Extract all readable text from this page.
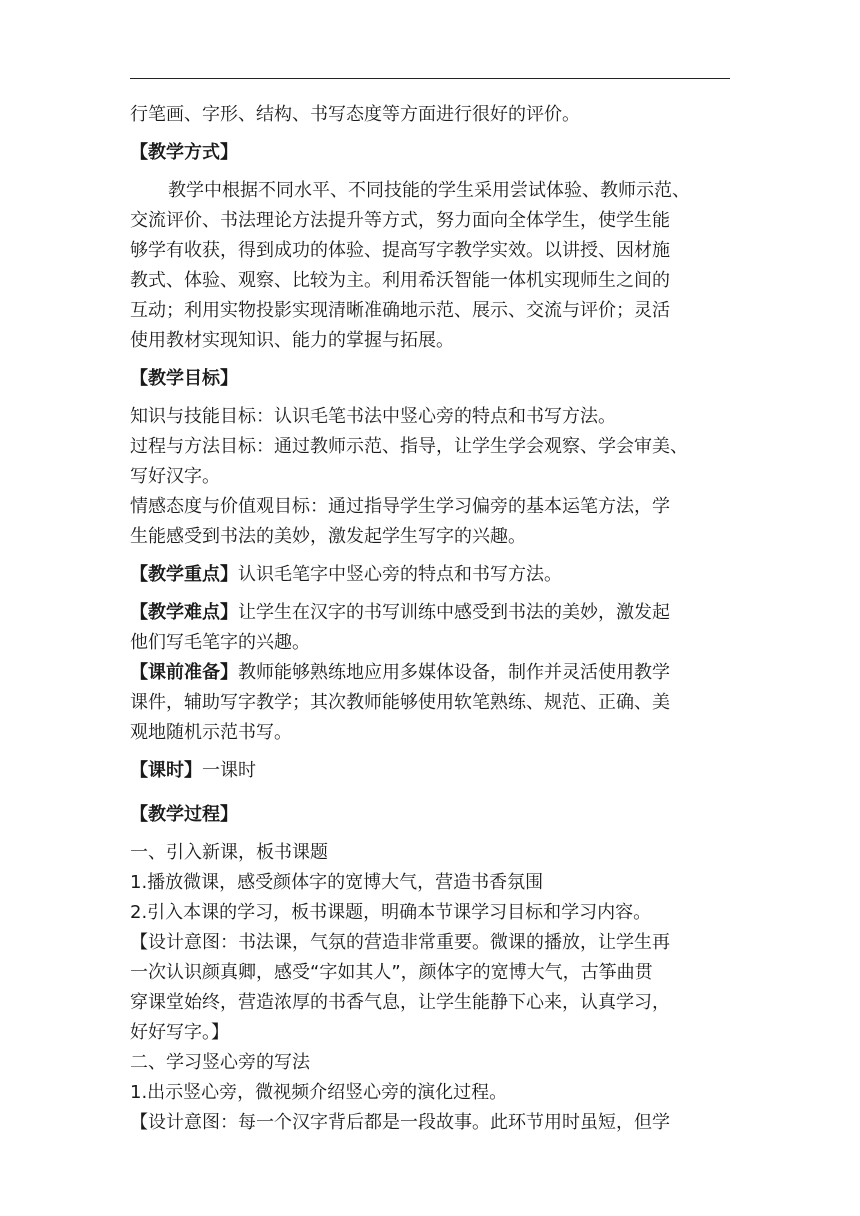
行笔画、字形、结构、书写态度等方面进行很好的评价。

【教学方式】

教学中根据不同水平、不同技能的学生采用尝试体验、教师示范、

交流评价、书法理论方法提升等方式，努力面向全体学生，使学生能

够学有收获，得到成功的体验、提高写字教学实效。以讲授、因材施

教式、体验、观察、比较为主。利用希沃智能一体机实现师生之间的

互动；利用实物投影实现清晰准确地示范、展示、交流与评价；灵活

使用教材实现知识、能力的掌握与拓展。

【教学目标】

知识与技能目标：认识毛笔书法中竖心旁的特点和书写方法。

过程与方法目标：通过教师示范、指导，让学生学会观察、学会审美、

写好汉字。

情感态度与价值观目标：通过指导学生学习偏旁的基本运笔方法，学

生能感受到书法的美妙，激发起学生写字的兴趣。

【教学重点】认识毛笔字中竖心旁的特点和书写方法。

【教学难点】让学生在汉字的书写训练中感受到书法的美妙，激发起

他们写毛笔字的兴趣。

【课前准备】教师能够熟练地应用多媒体设备，制作并灵活使用教学

课件，辅助写字教学；其次教师能够使用软笔熟练、规范、正确、美

观地随机示范书写。

【课时】一课时

【教学过程】

一、引入新课，板书课题

1.播放微课，感受颜体字的宽博大气，营造书香氛围

2.引入本课的学习，板书课题，明确本节课学习目标和学习内容。

【设计意图：书法课，气氛的营造非常重要。微课的播放，让学生再

一次认识颜真卿，感受“字如其人”，颜体字的宽博大气，古筝曲贯

穿课堂始终，营造浓厚的书香气息，让学生能静下心来，认真学习，

好好写字。】

二、学习竖心旁的写法

1.出示竖心旁，微视频介绍竖心旁的演化过程。

【设计意图：每一个汉字背后都是一段故事。此环节用时虽短，但学
